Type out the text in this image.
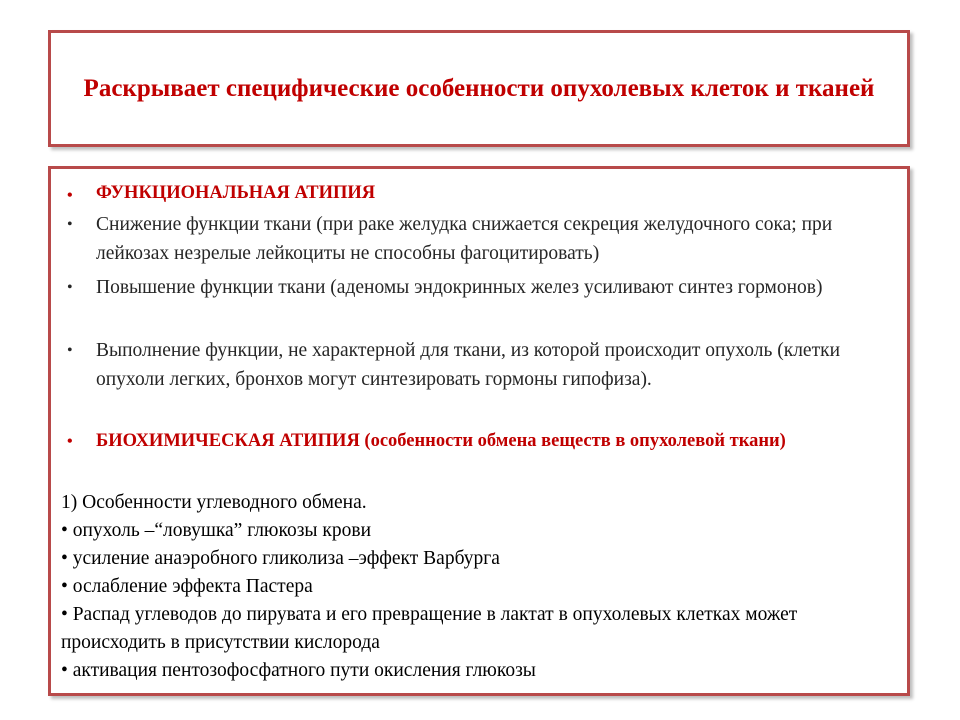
Раскрывает специфические особенности опухолевых клеток и тканей
• ФУНКЦИОНАЛЬНАЯ АТИПИЯ
• Снижение функции ткани (при раке желудка снижается секреция желудочного сока; при лейкозах незрелые лейкоциты не способны фагоцитировать)
• Повышение функции ткани (аденомы эндокринных желез усиливают синтез гормонов)
• Выполнение функции, не характерной для ткани, из которой происходит опухоль (клетки опухоли легких, бронхов могут синтезировать гормоны гипофиза).
• БИОХИМИЧЕСКАЯ АТИПИЯ (особенности обмена веществ в опухолевой ткани)
1) Особенности углеводного обмена.
• опухоль –“ловушка” глюкозы крови
• усиление анаэробного гликолиза –эффект Варбурга
• ослабление эффекта Пастера
• Распад углеводов до пирувата и его превращение в лактат в опухолевых клетках может происходить в присутствии кислорода
• активация пентозофосфатного пути окисления глюкозы
